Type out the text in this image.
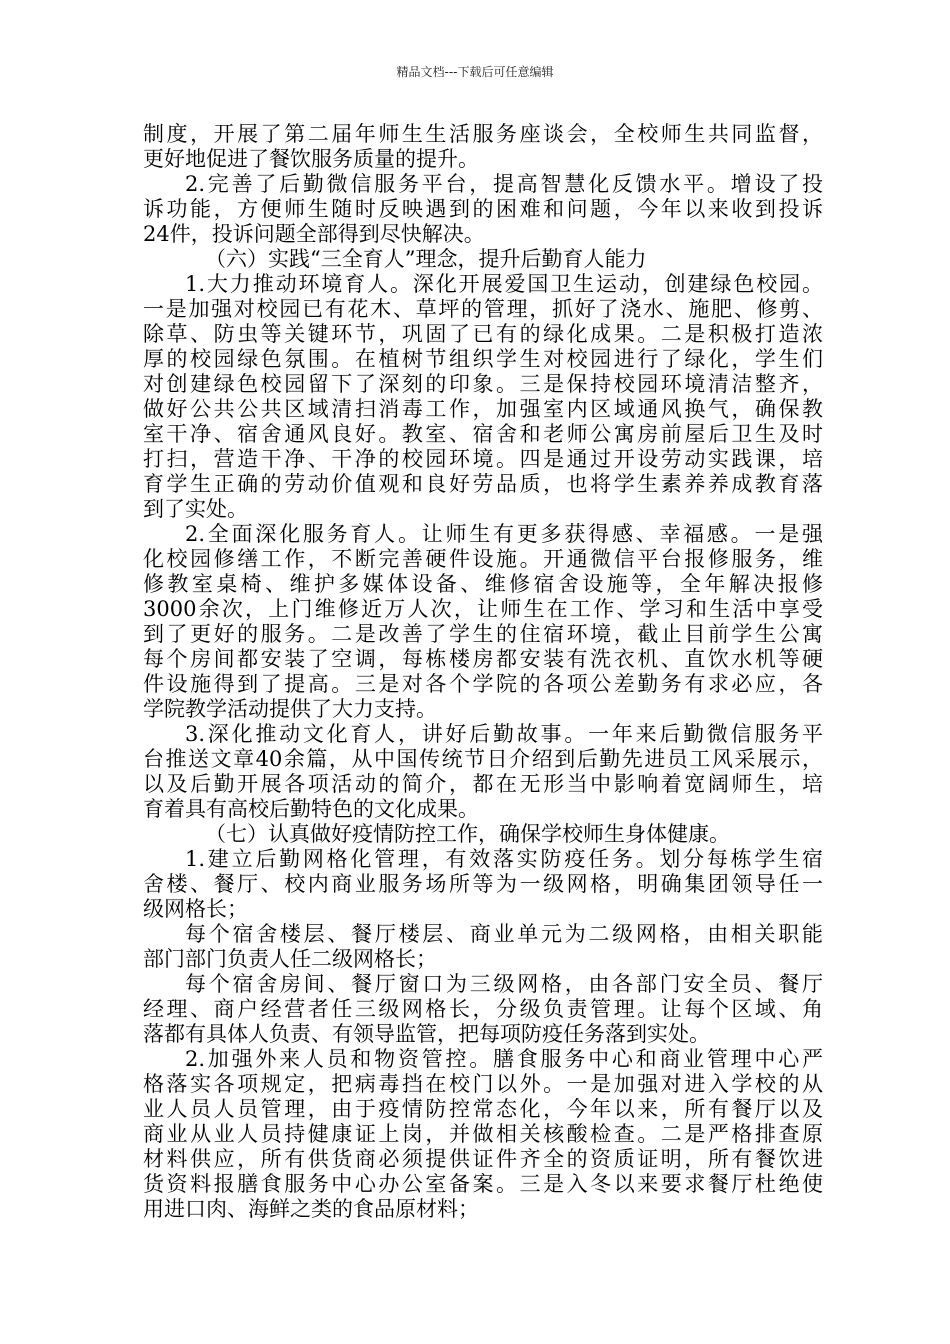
精品文档---下载后可任意编辑
制度，开展了第二届年师生生活服务座谈会，全校师生共同监督，
更好地促进了餐饮服务质量的提升。
2.完善了后勤微信服务平台，提高智慧化反馈水平。增设了投
诉功能，方便师生随时反映遇到的困难和问题，今年以来收到投诉
24件，投诉问题全部得到尽快解决。
（六）实践“三全育人”理念，提升后勤育人能力
1.大力推动环境育人。深化开展爱国卫生运动，创建绿色校园。
一是加强对校园已有花木、草坪的管理，抓好了浇水、施肥、修剪、
除草、防虫等关键环节，巩固了已有的绿化成果。二是积极打造浓
厚的校园绿色氛围。在植树节组织学生对校园进行了绿化，学生们
对创建绿色校园留下了深刻的印象。三是保持校园环境清洁整齐，
做好公共公共区域清扫消毒工作，加强室内区域通风换气，确保教
室干净、宿舍通风良好。教室、宿舍和老师公寓房前屋后卫生及时
打扫，营造干净、干净的校园环境。四是通过开设劳动实践课，培
育学生正确的劳动价值观和良好劳品质，也将学生素养养成教育落
到了实处。
2.全面深化服务育人。让师生有更多获得感、幸福感。一是强
化校园修缮工作，不断完善硬件设施。开通微信平台报修服务，维
修教室桌椅、维护多媒体设备、维修宿舍设施等，全年解决报修
3000余次，上门维修近万人次，让师生在工作、学习和生活中享受
到了更好的服务。二是改善了学生的住宿环境，截止目前学生公寓
每个房间都安装了空调，每栋楼房都安装有洗衣机、直饮水机等硬
件设施得到了提高。三是对各个学院的各项公差勤务有求必应，各
学院教学活动提供了大力支持。
3.深化推动文化育人，讲好后勤故事。一年来后勤微信服务平
台推送文章40余篇，从中国传统节日介绍到后勤先进员工风采展示，
以及后勤开展各项活动的简介，都在无形当中影响着宽阔师生，培
育着具有高校后勤特色的文化成果。
（七）认真做好疫情防控工作，确保学校师生身体健康。
1.建立后勤网格化管理，有效落实防疫任务。划分每栋学生宿
舍楼、餐厅、校内商业服务场所等为一级网格，明确集团领导任一
级网格长；
每个宿舍楼层、餐厅楼层、商业单元为二级网格，由相关职能
部门部门负责人任二级网格长；
每个宿舍房间、餐厅窗口为三级网格，由各部门安全员、餐厅
经理、商户经营者任三级网格长，分级负责管理。让每个区域、角
落都有具体人负责、有领导监管，把每项防疫任务落到实处。
2.加强外来人员和物资管控。膳食服务中心和商业管理中心严
格落实各项规定，把病毒挡在校门以外。一是加强对进入学校的从
业人员人员管理，由于疫情防控常态化，今年以来，所有餐厅以及
商业从业人员持健康证上岗，并做相关核酸检查。二是严格排查原
材料供应，所有供货商必须提供证件齐全的资质证明，所有餐饮进
货资料报膳食服务中心办公室备案。三是入冬以来要求餐厅杜绝使
用进口肉、海鲜之类的食品原材料；
